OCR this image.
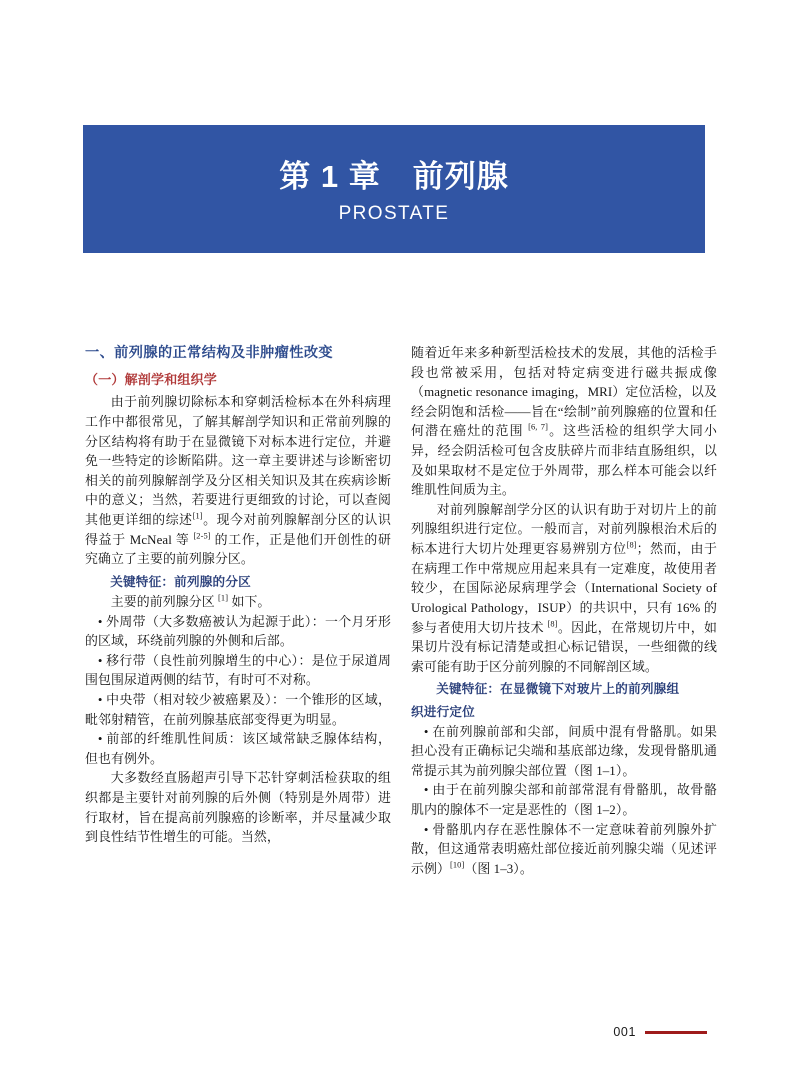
第 1 章　前列腺
PROSTATE
一、前列腺的正常结构及非肿瘤性改变
（一）解剖学和组织学

由于前列腺切除标本和穿刺活检标本在外科病理工作中都很常见，了解其解剖学知识和正常前列腺的分区结构将有助于在显微镜下对标本进行定位，并避免一些特定的诊断陷阱。这一章主要讲述与诊断密切相关的前列腺解剖学及分区相关知识及其在疾病诊断中的意义；当然，若要进行更细致的讨论，可以查阅其他更详细的综述[1]。现今对前列腺解剖分区的认识得益于 McNeal 等 [2-5] 的工作，正是他们开创性的研究确立了主要的前列腺分区。

关键特征：前列腺的分区

主要的前列腺分区 [1] 如下。

• 外周带（大多数癌被认为起源于此）：一个月牙形的区域，环绕前列腺的外侧和后部。

• 移行带（良性前列腺增生的中心）：是位于尿道周围包围尿道两侧的结节，有时可不对称。

• 中央带（相对较少被癌累及）：一个锥形的区域，毗邻射精管，在前列腺基底部变得更为明显。

• 前部的纤维肌性间质：该区域常缺乏腺体结构，但也有例外。

大多数经直肠超声引导下芯针穿刺活检获取的组织都是主要针对前列腺的后外侧（特别是外周带）进行取材，旨在提高前列腺癌的诊断率，并尽量减少取到良性结节性增生的可能。当然，

随着近年来多种新型活检技术的发展，其他的活检手段也常被采用，包括对特定病变进行磁共振成像（magnetic resonance imaging，MRI）定位活检，以及经会阴饱和活检——旨在“绘制”前列腺癌的位置和任何潜在癌灶的范围 [6, 7]。这些活检的组织学大同小异，经会阴活检可包含皮肤碎片而非结直肠组织，以及如果取材不是定位于外周带，那么样本可能会以纤维肌性间质为主。

对前列腺解剖学分区的认识有助于对切片上的前列腺组织进行定位。一般而言，对前列腺根治术后的标本进行大切片处理更容易辨别方位[8]；然而，由于在病理工作中常规应用起来具有一定难度，故使用者较少，在国际泌尿病理学会（International Society of Urological Pathology，ISUP）的共识中，只有 16% 的参与者使用大切片技术 [8]。因此，在常规切片中，如果切片没有标记清楚或担心标记错误，一些细微的线索可能有助于区分前列腺的不同解剖区域。

关键特征：在显微镜下对玻片上的前列腺组
织进行定位

• 在前列腺前部和尖部，间质中混有骨骼肌。如果担心没有正确标记尖端和基底部边缘，发现骨骼肌通常提示其为前列腺尖部位置（图 1–1）。

• 由于在前列腺尖部和前部常混有骨骼肌，故骨骼肌内的腺体不一定是恶性的（图 1–2）。

• 骨骼肌内存在恶性腺体不一定意味着前列腺外扩散，但这通常表明癌灶部位接近前列腺尖端（见述评示例）[10]（图 1–3）。

001
